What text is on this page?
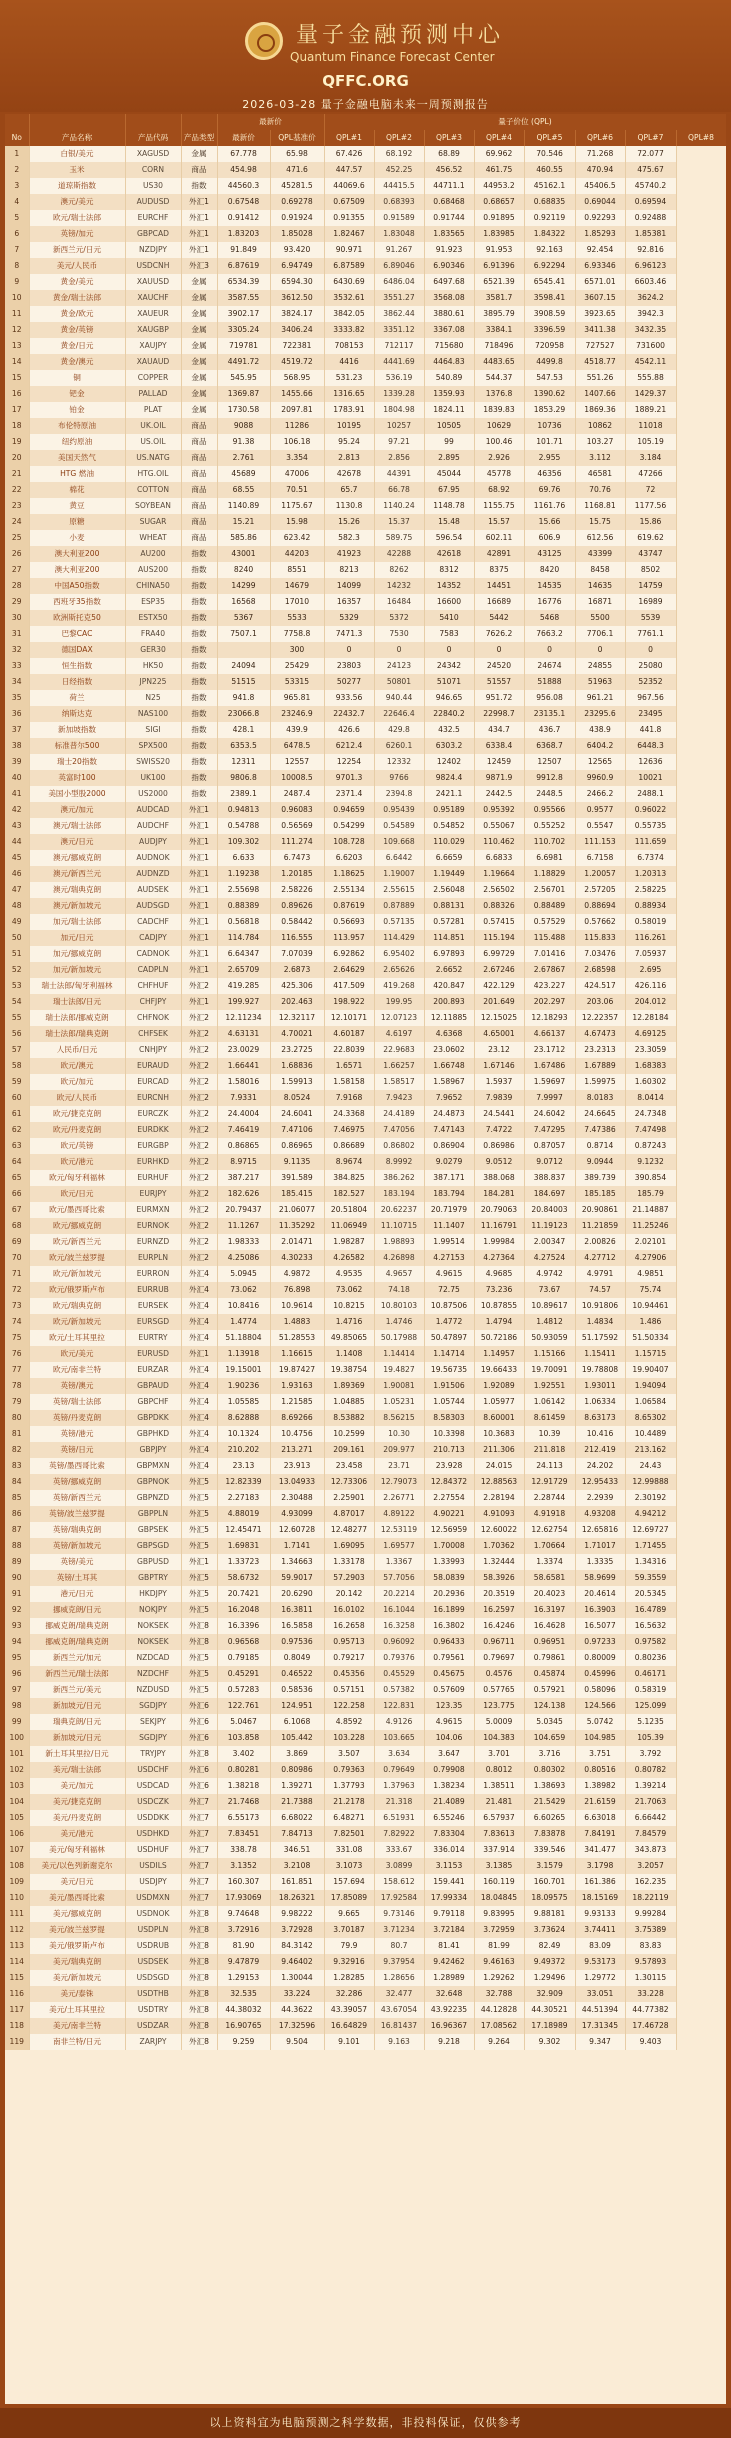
量子金融预测中心
Quantum Finance Forecast Center
QFFC.ORG
2026-03-28 量子金融电脑未来一周预测报告
				最新价		量子价位 (QPL)							
No	产品名称	产品代码	产品类型	最新价	QPL基准价	QPL#1	QPL#2	QPL#3	QPL#4	QPL#5	QPL#6	QPL#7	QPL#8
1	白银/美元	XAGUSD	金属	67.778	65.98	67.426	68.192	68.89	69.962	70.546	71.268	72.077	
2	玉米	CORN	商品	454.98	471.6	447.57	452.25	456.52	461.75	460.55	470.94	475.67	
3	道琼斯指数	US30	指数	44560.3	45281.5	44069.6	44415.5	44711.1	44953.2	45162.1	45406.5	45740.2	
4	澳元/美元	AUDUSD	外汇1	0.67548	0.69278	0.67509	0.68393	0.68468	0.68657	0.68835	0.69044	0.69594	
5	欧元/瑞士法郎	EURCHF	外汇1	0.91412	0.91924	0.91355	0.91589	0.91744	0.91895	0.92119	0.92293	0.92488	
6	英镑/加元	GBPCAD	外汇1	1.83203	1.85028	1.82467	1.83048	1.83565	1.83985	1.84322	1.85293	1.85381	
7	新西兰元/日元	NZDJPY	外汇1	91.849	93.420	90.971	91.267	91.923	91.953	92.163	92.454	92.816	
8	美元/人民币	USDCNH	外汇3	6.87619	6.94749	6.87589	6.89046	6.90346	6.91396	6.92294	6.93346	6.96123	
9	黄金/美元	XAUUSD	金属	6534.39	6594.30	6430.69	6486.04	6497.68	6521.39	6545.41	6571.01	6603.46	
10	黄金/瑞士法郎	XAUCHF	金属	3587.55	3612.50	3532.61	3551.27	3568.08	3581.7	3598.41	3607.15	3624.2	
11	黄金/欧元	XAUEUR	金属	3902.17	3824.17	3842.05	3862.44	3880.61	3895.79	3908.59	3923.65	3942.3	
12	黄金/英镑	XAUGBP	金属	3305.24	3406.24	3333.82	3351.12	3367.08	3384.1	3396.59	3411.38	3432.35	
13	黄金/日元	XAUJPY	金属	719781	722381	708153	712117	715680	718496	720958	727527	731600	
14	黄金/澳元	XAUAUD	金属	4491.72	4519.72	4416	4441.69	4464.83	4483.65	4499.8	4518.77	4542.11	
15	铜	COPPER	金属	545.95	568.95	531.23	536.19	540.89	544.37	547.53	551.26	555.88	
16	钯金	PALLAD	金属	1369.87	1455.66	1316.65	1339.28	1359.93	1376.8	1390.62	1407.66	1429.37	
17	铂金	PLAT	金属	1730.58	2097.81	1783.91	1804.98	1824.11	1839.83	1853.29	1869.36	1889.21	
18	布伦特原油	UK.OIL	商品	9088	11286	10195	10257	10505	10629	10736	10862	11018	
19	纽约原油	US.OIL	商品	91.38	106.18	95.24	97.21	99	100.46	101.71	103.27	105.19	
20	美国天然气	US.NATG	商品	2.761	3.354	2.813	2.856	2.895	2.926	2.955	3.112	3.184	
21	HTG 燃油	HTG.OIL	商品	45689	47006	42678	44391	45044	45778	46356	46581	47266	
22	棉花	COTTON	商品	68.55	70.51	65.7	66.78	67.95	68.92	69.76	70.76	72	
23	黄豆	SOYBEAN	商品	1140.89	1175.67	1130.8	1140.24	1148.78	1155.75	1161.76	1168.81	1177.56	
24	原糖	SUGAR	商品	15.21	15.98	15.26	15.37	15.48	15.57	15.66	15.75	15.86	
25	小麦	WHEAT	商品	585.86	623.42	582.3	589.75	596.54	602.11	606.9	612.56	619.62	
26	澳大利亚200	AU200	指数	43001	44203	41923	42288	42618	42891	43125	43399	43747	
27	澳大利亚200	AUS200	指数	8240	8551	8213	8262	8312	8375	8420	8458	8502	
28	中国A50指数	CHINA50	指数	14299	14679	14099	14232	14352	14451	14535	14635	14759	
29	西班牙35指数	ESP35	指数	16568	17010	16357	16484	16600	16689	16776	16871	16989	
30	欧洲斯托克50	ESTX50	指数	5367	5533	5329	5372	5410	5442	5468	5500	5539	
31	巴黎CAC	FRA40	指数	7507.1	7758.8	7471.3	7530	7583	7626.2	7663.2	7706.1	7761.1	
32	德国DAX	GER30	指数		300	0	0	0	0	0	0	0	
33	恒生指数	HK50	指数	24094	25429	23803	24123	24342	24520	24674	24855	25080	
34	日经指数	JPN225	指数	51515	53315	50277	50801	51071	51557	51888	51963	52352	
35	荷兰	N25	指数	941.8	965.81	933.56	940.44	946.65	951.72	956.08	961.21	967.56	
36	纳斯达克	NAS100	指数	23066.8	23246.9	22432.7	22646.4	22840.2	22998.7	23135.1	23295.6	23495	
37	新加坡指数	SIGI	指数	428.1	439.9	426.6	429.8	432.5	434.7	436.7	438.9	441.8	
38	标准普尔500	SPX500	指数	6353.5	6478.5	6212.4	6260.1	6303.2	6338.4	6368.7	6404.2	6448.3	
39	瑞士20指数	SWISS20	指数	12311	12557	12254	12332	12402	12459	12507	12565	12636	
40	英富时100	UK100	指数	9806.8	10008.5	9701.3	9766	9824.4	9871.9	9912.8	9960.9	10021	
41	美国小型股2000	US2000	指数	2389.1	2487.4	2371.4	2394.8	2421.1	2442.5	2448.5	2466.2	2488.1	
42	澳元/加元	AUDCAD	外汇1	0.94813	0.96083	0.94659	0.95439	0.95189	0.95392	0.95566	0.9577	0.96022	
43	澳元/瑞士法郎	AUDCHF	外汇1	0.54788	0.56569	0.54299	0.54589	0.54852	0.55067	0.55252	0.5547	0.55735	
44	澳元/日元	AUDJPY	外汇1	109.302	111.274	108.728	109.668	110.029	110.462	110.702	111.153	111.659	
45	澳元/挪威克朗	AUDNOK	外汇1	6.633	6.7473	6.6203	6.6442	6.6659	6.6833	6.6981	6.7158	6.7374	
46	澳元/新西兰元	AUDNZD	外汇1	1.19238	1.20185	1.18625	1.19007	1.19449	1.19664	1.18829	1.20057	1.20313	
47	澳元/瑞典克朗	AUDSEK	外汇1	2.55698	2.58226	2.55134	2.55615	2.56048	2.56502	2.56701	2.57205	2.58225	
48	澳元/新加坡元	AUDSGD	外汇1	0.88389	0.89626	0.87619	0.87889	0.88131	0.88326	0.88489	0.88694	0.88934	
49	加元/瑞士法郎	CADCHF	外汇1	0.56818	0.58442	0.56693	0.57135	0.57281	0.57415	0.57529	0.57662	0.58019	
50	加元/日元	CADJPY	外汇1	114.784	116.555	113.957	114.429	114.851	115.194	115.488	115.833	116.261	
51	加元/挪威克朗	CADNOK	外汇1	6.64347	7.07039	6.92862	6.95402	6.97893	6.99729	7.01416	7.03476	7.05937	
52	加元/新加坡元	CADPLN	外汇1	2.65709	2.6873	2.64629	2.65626	2.6652	2.67246	2.67867	2.68598	2.695	
53	瑞士法郎/匈牙利福林	CHFHUF	外汇2	419.285	425.306	417.509	419.268	420.847	422.129	423.227	424.517	426.116	
54	瑞士法郎/日元	CHFJPY	外汇1	199.927	202.463	198.922	199.95	200.893	201.649	202.297	203.06	204.012	
55	瑞士法郎/挪威克朗	CHFNOK	外汇2	12.11234	12.32117	12.10171	12.07123	12.11885	12.15025	12.18293	12.22357	12.28184	
56	瑞士法郎/瑞典克朗	CHFSEK	外汇2	4.63131	4.70021	4.60187	4.6197	4.6368	4.65001	4.66137	4.67473	4.69125	
57	人民币/日元	CNHJPY	外汇2	23.0029	23.2725	22.8039	22.9683	23.0602	23.12	23.1712	23.2313	23.3059	
58	欧元/澳元	EURAUD	外汇2	1.66441	1.68836	1.6571	1.66257	1.66748	1.67146	1.67486	1.67889	1.68383	
59	欧元/加元	EURCAD	外汇2	1.58016	1.59913	1.58158	1.58517	1.58967	1.5937	1.59697	1.59975	1.60302	
60	欧元/人民币	EURCNH	外汇2	7.9331	8.0524	7.9168	7.9423	7.9652	7.9839	7.9997	8.0183	8.0414	
61	欧元/捷克克朗	EURCZK	外汇2	24.4004	24.6041	24.3368	24.4189	24.4873	24.5441	24.6042	24.6645	24.7348	
62	欧元/丹麦克朗	EURDKK	外汇2	7.46419	7.47106	7.46975	7.47056	7.47143	7.4722	7.47295	7.47386	7.47498	
63	欧元/英镑	EURGBP	外汇2	0.86865	0.86965	0.86689	0.86802	0.86904	0.86986	0.87057	0.8714	0.87243	
64	欧元/港元	EURHKD	外汇2	8.9715	9.1135	8.9674	8.9992	9.0279	9.0512	9.0712	9.0944	9.1232	
65	欧元/匈牙利福林	EURHUF	外汇2	387.217	391.589	384.825	386.262	387.171	388.068	388.837	389.739	390.854	
66	欧元/日元	EURJPY	外汇2	182.626	185.415	182.527	183.194	183.794	184.281	184.697	185.185	185.79	
67	欧元/墨西哥比索	EURMXN	外汇2	20.79437	21.06077	20.51804	20.62237	20.71979	20.79063	20.84003	20.90861	21.14887	
68	欧元/挪威克朗	EURNOK	外汇2	11.1267	11.35292	11.06949	11.10715	11.1407	11.16791	11.19123	11.21859	11.25246	
69	欧元/新西兰元	EURNZD	外汇2	1.98333	2.01471	1.98287	1.98893	1.99514	1.99984	2.00347	2.00826	2.02101	
70	欧元/波兰兹罗提	EURPLN	外汇2	4.25086	4.30233	4.26582	4.26898	4.27153	4.27364	4.27524	4.27712	4.27906	
71	欧元/新加坡元	EURRON	外汇4	5.0945	4.9872	4.9535	4.9657	4.9615	4.9685	4.9742	4.9791	4.9851	
72	欧元/俄罗斯卢布	EURRUB	外汇4	73.062	76.898	73.062	74.18	72.75	73.236	73.67	74.57	75.74	
73	欧元/瑞典克朗	EURSEK	外汇4	10.8416	10.9614	10.8215	10.80103	10.87506	10.87855	10.89617	10.91806	10.94461	
74	欧元/新加坡元	EURSGD	外汇4	1.4774	1.4883	1.4716	1.4746	1.4772	1.4794	1.4812	1.4834	1.486	
75	欧元/土耳其里拉	EURTRY	外汇4	51.18804	51.28553	49.85065	50.17988	50.47897	50.72186	50.93059	51.17592	51.50334	
76	欧元/美元	EURUSD	外汇1	1.13918	1.16615	1.1408	1.14414	1.14714	1.14957	1.15166	1.15411	1.15715	
77	欧元/南非兰特	EURZAR	外汇4	19.15001	19.87427	19.38754	19.4827	19.56735	19.66433	19.70091	19.78808	19.90407	
78	英镑/澳元	GBPAUD	外汇4	1.90236	1.93163	1.89369	1.90081	1.91506	1.92089	1.92551	1.93011	1.94094	
79	英镑/瑞士法郎	GBPCHF	外汇4	1.05585	1.21585	1.04885	1.05231	1.05744	1.05977	1.06142	1.06334	1.06584	
80	英镑/丹麦克朗	GBPDKK	外汇4	8.62888	8.69266	8.53882	8.56215	8.58303	8.60001	8.61459	8.63173	8.65302	
81	英镑/港元	GBPHKD	外汇4	10.1324	10.4756	10.2599	10.30	10.3398	10.3683	10.39	10.416	10.4489	
82	英镑/日元	GBPJPY	外汇4	210.202	213.271	209.161	209.977	210.713	211.306	211.818	212.419	213.162	
83	英镑/墨西哥比索	GBPMXN	外汇4	23.13	23.913	23.458	23.71	23.928	24.015	24.113	24.202	24.43	
84	英镑/挪威克朗	GBPNOK	外汇5	12.82339	13.04933	12.73306	12.79073	12.84372	12.88563	12.91729	12.95433	12.99888	
85	英镑/新西兰元	GBPNZD	外汇5	2.27183	2.30488	2.25901	2.26771	2.27554	2.28194	2.28744	2.2939	2.30192	
86	英镑/波兰兹罗提	GBPPLN	外汇5	4.88019	4.93099	4.87017	4.89122	4.90221	4.91093	4.91918	4.93208	4.94212	
87	英镑/瑞典克朗	GBPSEK	外汇5	12.45471	12.60728	12.48277	12.53119	12.56959	12.60022	12.62754	12.65816	12.69727	
88	英镑/新加坡元	GBPSGD	外汇5	1.69831	1.7141	1.69095	1.69577	1.70008	1.70362	1.70664	1.71017	1.71455	
89	英镑/美元	GBPUSD	外汇1	1.33723	1.34663	1.33178	1.3367	1.33993	1.32444	1.3374	1.3335	1.34316	
90	英镑/土耳其	GBPTRY	外汇5	58.6732	59.9017	57.2903	57.7056	58.0839	58.3926	58.6581	58.9699	59.3559	
91	港元/日元	HKDJPY	外汇5	20.7421	20.6290	20.142	20.2214	20.2936	20.3519	20.4023	20.4614	20.5345	
92	挪威克朗/日元	NOKJPY	外汇5	16.2048	16.3811	16.0102	16.1044	16.1899	16.2597	16.3197	16.3903	16.4789	
93	挪威克朗/瑞典克朗	NOKSEK	外汇8	16.3396	16.5858	16.2658	16.3258	16.3802	16.4246	16.4628	16.5077	16.5632	
94	挪威克朗/瑞典克朗	NOKSEK	外汇8	0.96568	0.97536	0.95713	0.96092	0.96433	0.96711	0.96951	0.97233	0.97582	
95	新西兰元/加元	NZDCAD	外汇5	0.79185	0.8049	0.79217	0.79376	0.79561	0.79697	0.79861	0.80009	0.80236	
96	新西兰元/瑞士法郎	NZDCHF	外汇5	0.45291	0.46522	0.45356	0.45529	0.45675	0.4576	0.45874	0.45996	0.46171	
97	新西兰元/美元	NZDUSD	外汇5	0.57283	0.58536	0.57151	0.57382	0.57609	0.57765	0.57921	0.58096	0.58319	
98	新加坡元/日元	SGDJPY	外汇6	122.761	124.951	122.258	122.831	123.35	123.775	124.138	124.566	125.099	
99	瑞典克朗/日元	SEKJPY	外汇6	5.0467	6.1068	4.8592	4.9126	4.9615	5.0009	5.0345	5.0742	5.1235	
100	新加坡元/日元	SGDJPY	外汇6	103.858	105.442	103.228	103.665	104.06	104.383	104.659	104.985	105.39	
101	新土耳其里拉/日元	TRYJPY	外汇8	3.402	3.869	3.507	3.634	3.647	3.701	3.716	3.751	3.792	
102	美元/瑞士法郎	USDCHF	外汇6	0.80281	0.80986	0.79363	0.79649	0.79908	0.8012	0.80302	0.80516	0.80782	
103	美元/加元	USDCAD	外汇6	1.38218	1.39271	1.37793	1.37963	1.38234	1.38511	1.38693	1.38982	1.39214	
104	美元/捷克克朗	USDCZK	外汇7	21.7468	21.7388	21.2178	21.318	21.4089	21.481	21.5429	21.6159	21.7063	
105	美元/丹麦克朗	USDDKK	外汇7	6.55173	6.68022	6.48271	6.51931	6.55246	6.57937	6.60265	6.63018	6.66442	
106	美元/港元	USDHKD	外汇7	7.83451	7.84713	7.82501	7.82922	7.83304	7.83613	7.83878	7.84191	7.84579	
107	美元/匈牙利福林	USDHUF	外汇7	338.78	346.51	331.08	333.67	336.014	337.914	339.546	341.477	343.873	
108	美元/以色列新谢克尔	USDILS	外汇7	3.1352	3.2108	3.1073	3.0899	3.1153	3.1385	3.1579	3.1798	3.2057	
109	美元/日元	USDJPY	外汇7	160.307	161.851	157.694	158.612	159.441	160.119	160.701	161.386	162.235	
110	美元/墨西哥比索	USDMXN	外汇7	17.93069	18.26321	17.85089	17.92584	17.99334	18.04845	18.09575	18.15169	18.22119	
111	美元/挪威克朗	USDNOK	外汇8	9.74648	9.98222	9.665	9.73146	9.79118	9.83995	9.88181	9.93133	9.99284	
112	美元/波兰兹罗提	USDPLN	外汇8	3.72916	3.72928	3.70187	3.71234	3.72184	3.72959	3.73624	3.74411	3.75389	
113	美元/俄罗斯卢布	USDRUB	外汇8	81.90	84.3142	79.9	80.7	81.41	81.99	82.49	83.09	83.83	
114	美元/瑞典克朗	USDSEK	外汇8	9.47879	9.46402	9.32916	9.37954	9.42462	9.46163	9.49372	9.53173	9.57893	
115	美元/新加坡元	USDSGD	外汇8	1.29153	1.30044	1.28285	1.28656	1.28989	1.29262	1.29496	1.29772	1.30115	
116	美元/泰铢	USDTHB	外汇8	32.535	33.224	32.286	32.477	32.648	32.788	32.909	33.051	33.228	
117	美元/土耳其里拉	USDTRY	外汇8	44.38032	44.3622	43.39057	43.67054	43.92235	44.12828	44.30521	44.51394	44.77382	
118	美元/南非兰特	USDZAR	外汇8	16.90765	17.32596	16.64829	16.81437	16.96367	17.08562	17.18989	17.31345	17.46728	
119	南非兰特/日元	ZARJPY	外汇8	9.259	9.504	9.101	9.163	9.218	9.264	9.302	9.347	9.403	
以上资料宜为电脑预测之科学数据，非投料保证，仅供参考
